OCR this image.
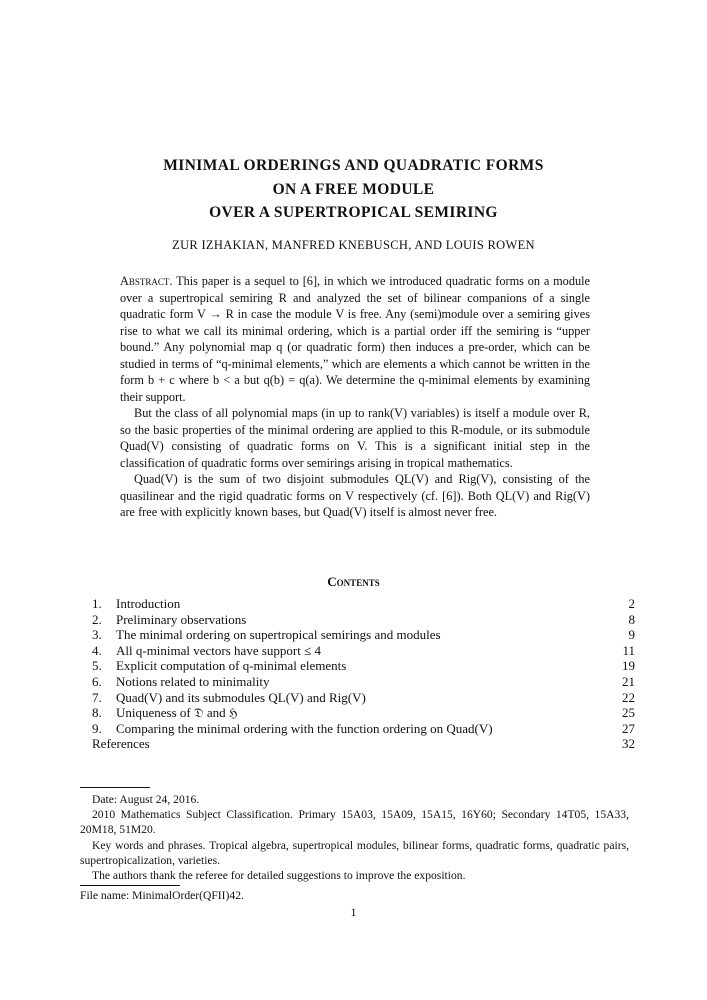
MINIMAL ORDERINGS AND QUADRATIC FORMS
ON A FREE MODULE
OVER A SUPERTROPICAL SEMIRING

ZUR IZHAKIAN, MANFRED KNEBUSCH, AND LOUIS ROWEN

Abstract. This paper is a sequel to [6], in which we introduced quadratic forms on a module over a supertropical semiring R and analyzed the set of bilinear companions of a single quadratic form V → R in case the module V is free. Any (semi)module over a semiring gives rise to what we call its minimal ordering, which is a partial order iff the semiring is “upper bound.” Any polynomial map q (or quadratic form) then induces a pre-order, which can be studied in terms of “q-minimal elements,” which are elements a which cannot be written in the form b + c where b < a but q(b) = q(a). We determine the q-minimal elements by examining their support.

But the class of all polynomial maps (in up to rank(V) variables) is itself a module over R, so the basic properties of the minimal ordering are applied to this R-module, or its submodule Quad(V) consisting of quadratic forms on V. This is a significant initial step in the classification of quadratic forms over semirings arising in tropical mathematics.

Quad(V) is the sum of two disjoint submodules QL(V) and Rig(V), consisting of the quasilinear and the rigid quadratic forms on V respectively (cf. [6]). Both QL(V) and Rig(V) are free with explicitly known bases, but Quad(V) itself is almost never free.

Contents
1. Introduction	2
2. Preliminary observations	8
3. The minimal ordering on supertropical semirings and modules	9
4. All q-minimal vectors have support ≤ 4	11
5. Explicit computation of q-minimal elements	19
6. Notions related to minimality	21
7. Quad(V) and its submodules QL(V) and Rig(V)	22
8. Uniqueness of 𝔇 and ℌ	25
9. Comparing the minimal ordering with the function ordering on Quad(V)	27
References	32

Date: August 24, 2016.

2010 Mathematics Subject Classification. Primary 15A03, 15A09, 15A15, 16Y60; Secondary 14T05, 15A33, 20M18, 51M20.

Key words and phrases. Tropical algebra, supertropical modules, bilinear forms, quadratic forms, quadratic pairs, supertropicalization, varieties.

The authors thank the referee for detailed suggestions to improve the exposition.

File name: MinimalOrder(QFII)42.
1
